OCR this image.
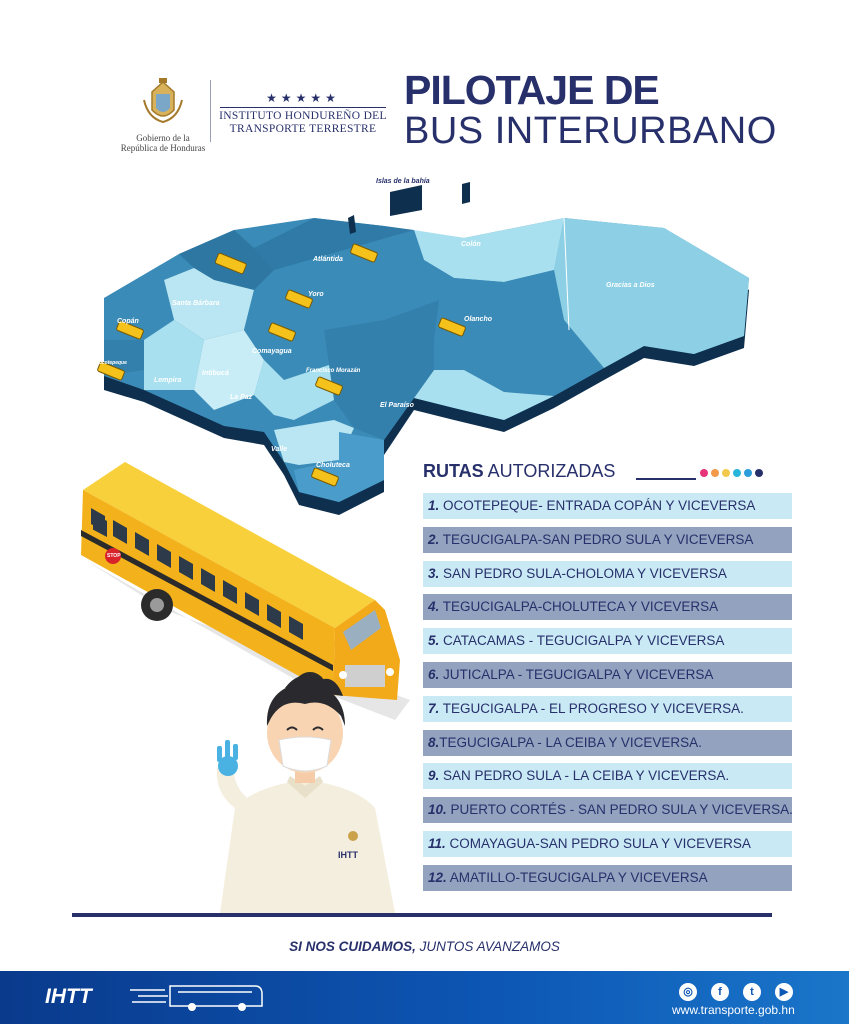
Gobierno de la
República de Honduras
★★★★★
INSTITUTO HONDUREÑO DEL
TRANSPORTE TERRESTRE
PILOTAJE DE
BUS INTERURBANO
Islas de la bahía
Colón
Gracias a Dios
Atlántida
Yoro
Santa Bárbara
Copán
Ocotepeque
Lempira
Intibucá
Comayagua
Olancho
Francisco Morazán
La Paz
El Paraíso
Valle
Choluteca
STOP
IHTT
RUTAS AUTORIZADAS
1. OCOTEPEQUE- ENTRADA COPÁN Y VICEVERSA
2. TEGUCIGALPA-SAN PEDRO SULA Y VICEVERSA
3. SAN PEDRO SULA-CHOLOMA Y VICEVERSA
4. TEGUCIGALPA-CHOLUTECA Y VICEVERSA
5. CATACAMAS - TEGUCIGALPA Y VICEVERSA
6. JUTICALPA - TEGUCIGALPA Y VICEVERSA
7. TEGUCIGALPA - EL PROGRESO Y VICEVERSA.
8.TEGUCIGALPA - LA CEIBA Y VICEVERSA.
9. SAN PEDRO SULA - LA CEIBA Y VICEVERSA.
10. PUERTO CORTÉS - SAN PEDRO SULA Y VICEVERSA.
11. COMAYAGUA-SAN PEDRO SULA Y VICEVERSA
12. AMATILLO-TEGUCIGALPA Y VICEVERSA
SI NOS CUIDAMOS, JUNTOS AVANZAMOS
IHTT	◎	f	t	▶
www.transporte.gob.hn
